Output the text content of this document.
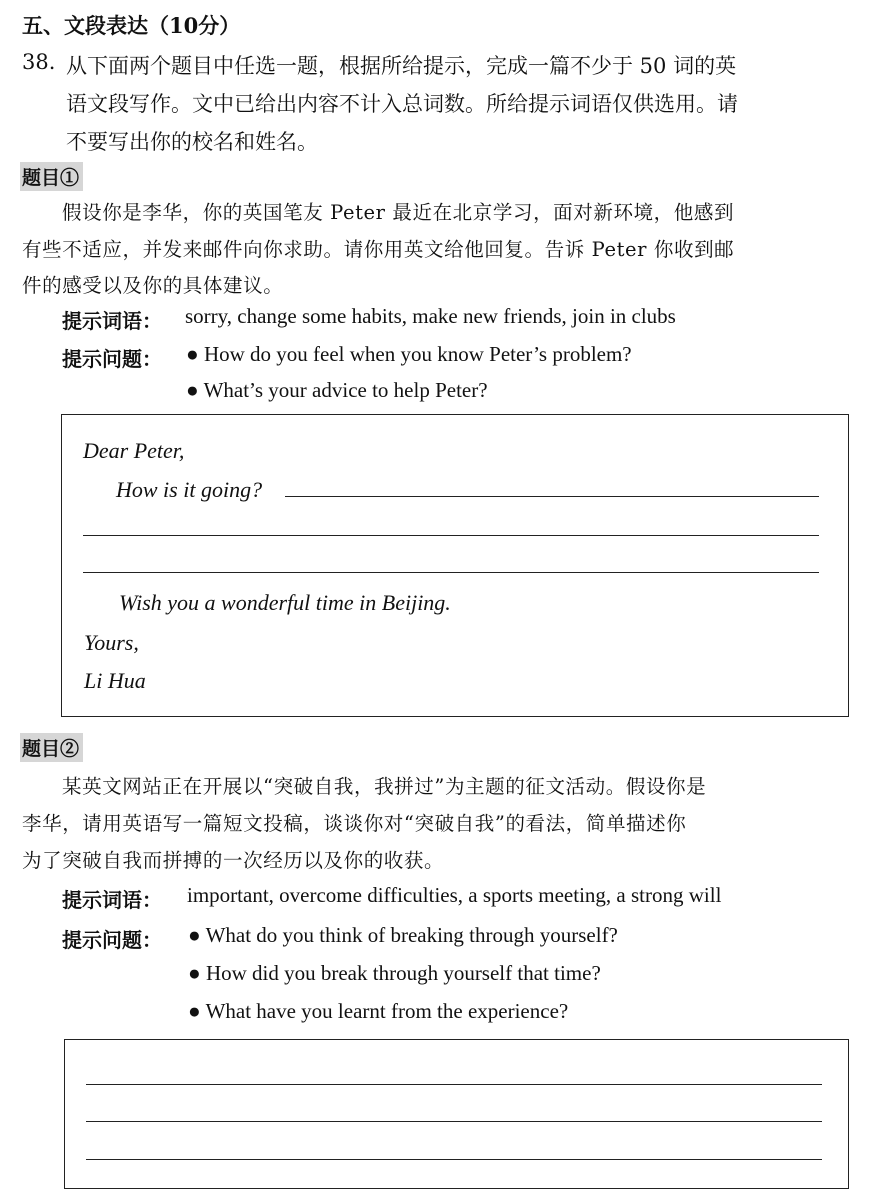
五、文段表达（10分）
38. 从下面两个题目中任选一题，根据所给提示，完成一篇不少于 50 词的英
语文段写作。文中已给出内容不计入总词数。所给提示词语仅供选用。请
不要写出你的校名和姓名。
题目①
假设你是李华，你的英国笔友 Peter 最近在北京学习，面对新环境，他感到
有些不适应，并发来邮件向你求助。请你用英文给他回复。告诉 Peter 你收到邮
件的感受以及你的具体建议。
提示词语： sorry, change some habits, make new friends, join in clubs
提示问题： ● How do you feel when you know Peter’s problem?
● What’s your advice to help Peter?
Dear Peter,
How is it going?
Wish you a wonderful time in Beijing.
Yours,
Li Hua
题目②
某英文网站正在开展以“突破自我，我拼过”为主题的征文活动。假设你是
李华，请用英语写一篇短文投稿，谈谈你对“突破自我”的看法，简单描述你
为了突破自我而拼搏的一次经历以及你的收获。
提示词语： important, overcome difficulties, a sports meeting, a strong will
提示问题： ● What do you think of breaking through yourself?
● How did you break through yourself that time?
● What have you learnt from the experience?
